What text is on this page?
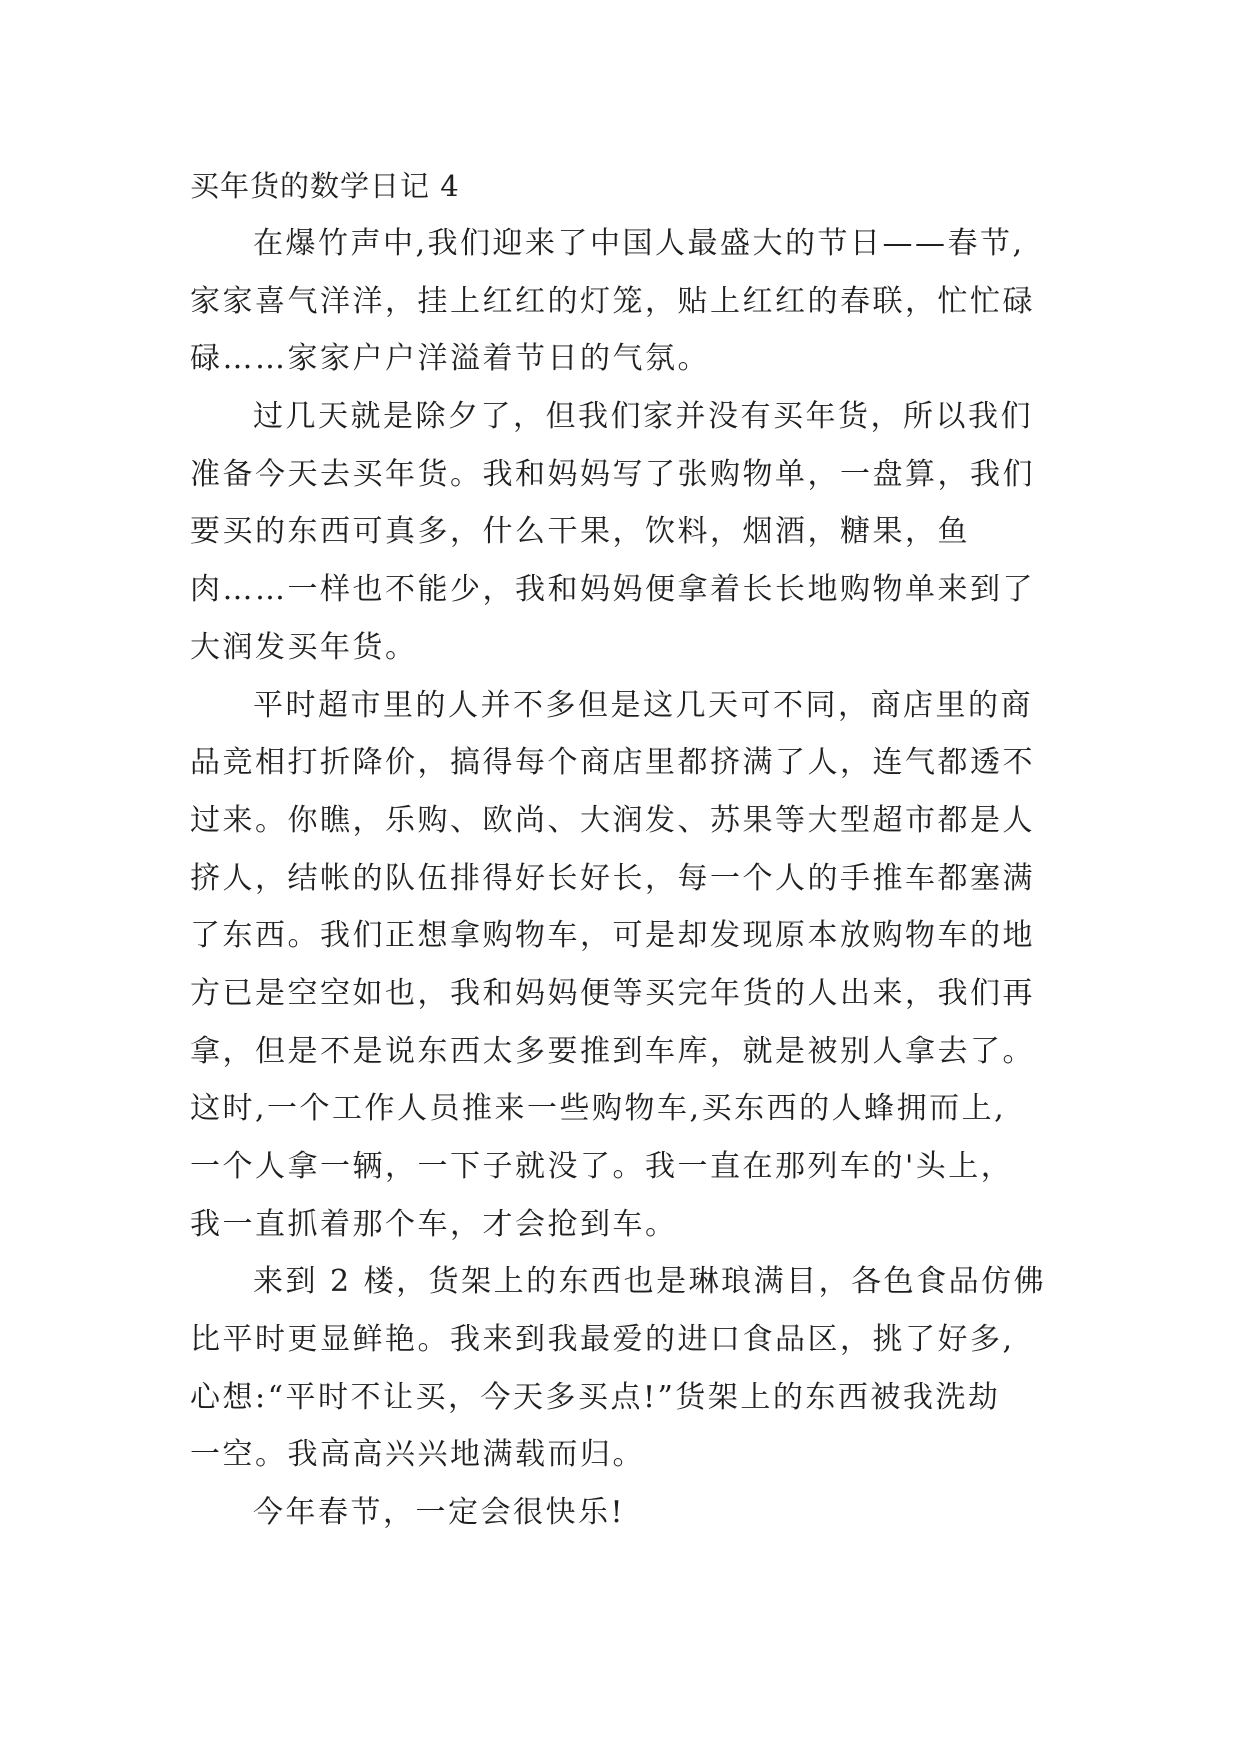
买年货的数学日记 4
在爆竹声中,我们迎来了中国人最盛大的节日——春节,
家家喜气洋洋，挂上红红的灯笼，贴上红红的春联，忙忙碌
碌……家家户户洋溢着节日的气氛。
过几天就是除夕了，但我们家并没有买年货，所以我们
准备今天去买年货。我和妈妈写了张购物单，一盘算，我们
要买的东西可真多，什么干果，饮料，烟酒，糖果，鱼
肉……一样也不能少，我和妈妈便拿着长长地购物单来到了
大润发买年货。
平时超市里的人并不多但是这几天可不同，商店里的商
品竞相打折降价，搞得每个商店里都挤满了人，连气都透不
过来。你瞧，乐购、欧尚、大润发、苏果等大型超市都是人
挤人，结帐的队伍排得好长好长，每一个人的手推车都塞满
了东西。我们正想拿购物车，可是却发现原本放购物车的地
方已是空空如也，我和妈妈便等买完年货的人出来，我们再
拿，但是不是说东西太多要推到车库，就是被别人拿去了。
这时,一个工作人员推来一些购物车,买东西的人蜂拥而上,
一个人拿一辆，一下子就没了。我一直在那列车的'头上，
我一直抓着那个车，才会抢到车。
来到 2 楼，货架上的东西也是琳琅满目，各色食品仿佛
比平时更显鲜艳。我来到我最爱的进口食品区，挑了好多,
心想:“平时不让买，今天多买点!”货架上的东西被我洗劫
一空。我高高兴兴地满载而归。
今年春节，一定会很快乐!
